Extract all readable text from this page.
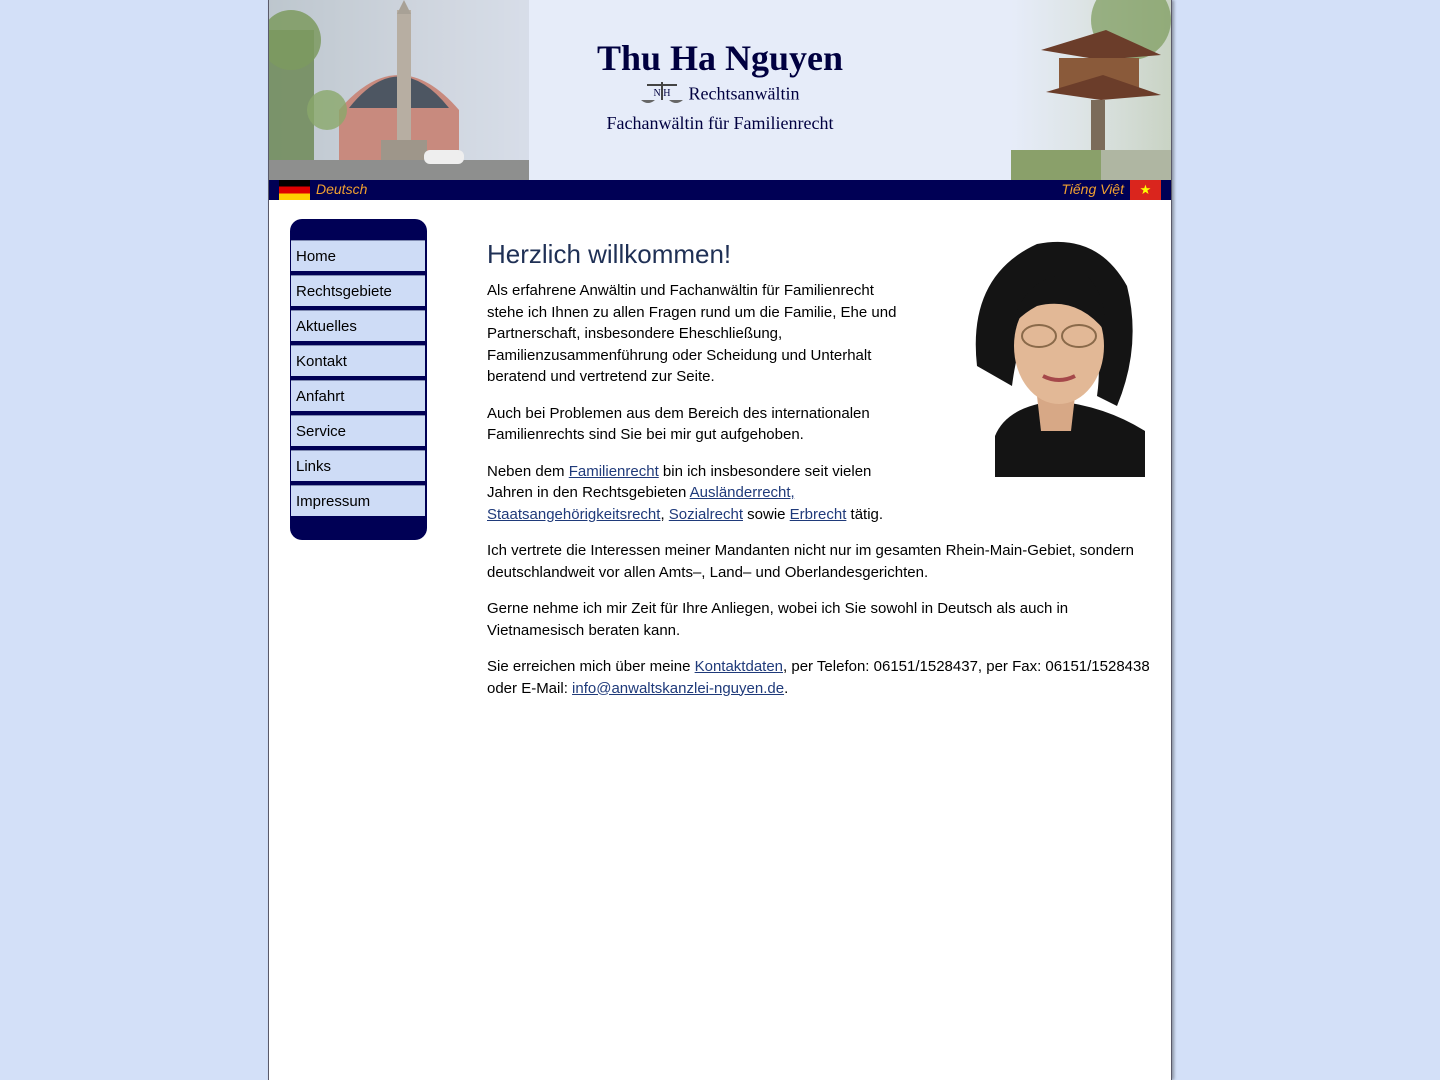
Thu Ha Nguyen
N H Rechtsanwältin
Fachanwältin für Familienrecht
Deutsch	Tiếng Việt ★
Home
Rechtsgebiete
Aktuelles
Kontakt
Anfahrt
Service
Links
Impressum
Herzlich willkommen!

Als erfahrene Anwältin und Fachanwältin für Familienrecht stehe ich Ihnen zu allen Fragen rund um die Familie, Ehe und Partnerschaft, insbesondere Eheschließung, Familienzusammenführung oder Scheidung und Unterhalt beratend und vertretend zur Seite.

Auch bei Problemen aus dem Bereich des internationalen Familienrechts sind Sie bei mir gut aufgehoben.

Neben dem Familienrecht bin ich insbesondere seit vielen Jahren in den Rechtsgebieten Ausländerrecht, Staatsangehörigkeitsrecht, Sozialrecht sowie Erbrecht tätig.

Ich vertrete die Interessen meiner Mandanten nicht nur im gesamten Rhein-Main-Gebiet, sondern deutschlandweit vor allen Amts–, Land– und Oberlandesgerichten.

Gerne nehme ich mir Zeit für Ihre Anliegen, wobei ich Sie sowohl in Deutsch als auch in Vietnamesisch beraten kann.

Sie erreichen mich über meine Kontaktdaten, per Telefon: 06151/1528437, per Fax: 06151/1528438 oder E-Mail: info@anwaltskanzlei-nguyen.de.
